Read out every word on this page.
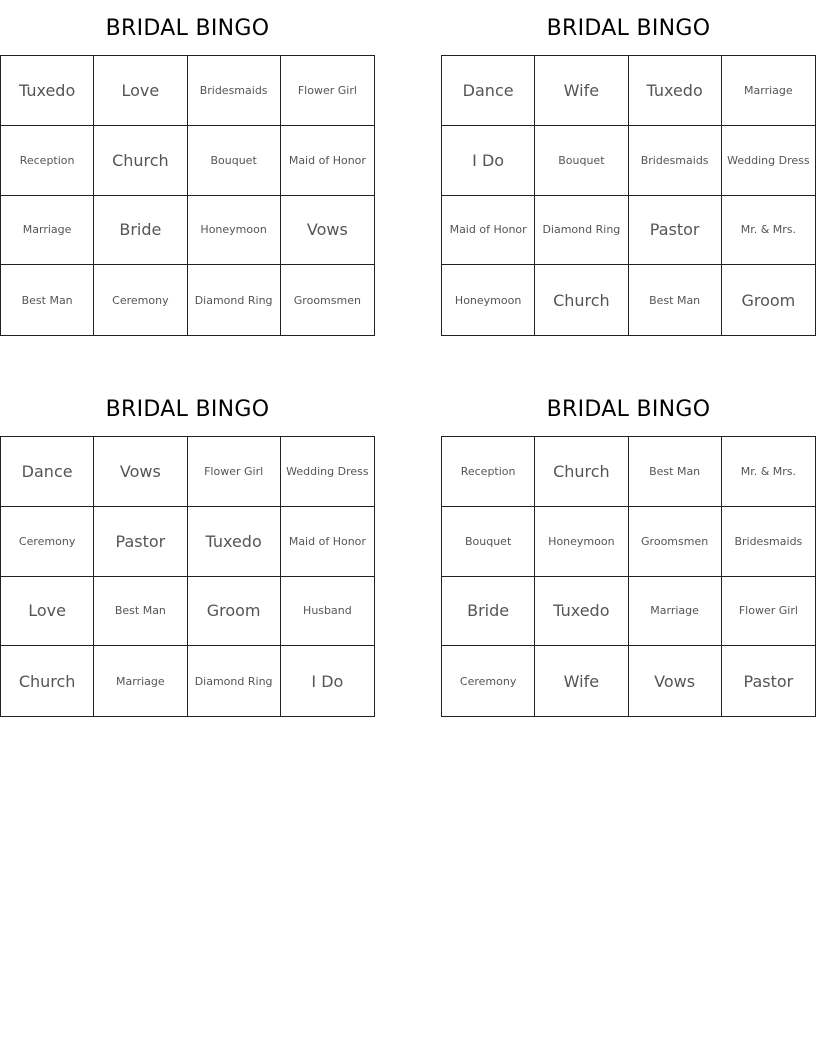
BRIDAL BINGO
Tuxedo	Love	Bridesmaids	Flower Girl
Reception	Church	Bouquet	Maid of Honor
Marriage	Bride	Honeymoon	Vows
Best Man	Ceremony	Diamond Ring	Groomsmen
BRIDAL BINGO
Dance	Wife	Tuxedo	Marriage
I Do	Bouquet	Bridesmaids	Wedding Dress
Maid of Honor	Diamond Ring	Pastor	Mr. & Mrs.
Honeymoon	Church	Best Man	Groom
BRIDAL BINGO
Dance	Vows	Flower Girl	Wedding Dress
Ceremony	Pastor	Tuxedo	Maid of Honor
Love	Best Man	Groom	Husband
Church	Marriage	Diamond Ring	I Do
BRIDAL BINGO
Reception	Church	Best Man	Mr. & Mrs.
Bouquet	Honeymoon	Groomsmen	Bridesmaids
Bride	Tuxedo	Marriage	Flower Girl
Ceremony	Wife	Vows	Pastor
